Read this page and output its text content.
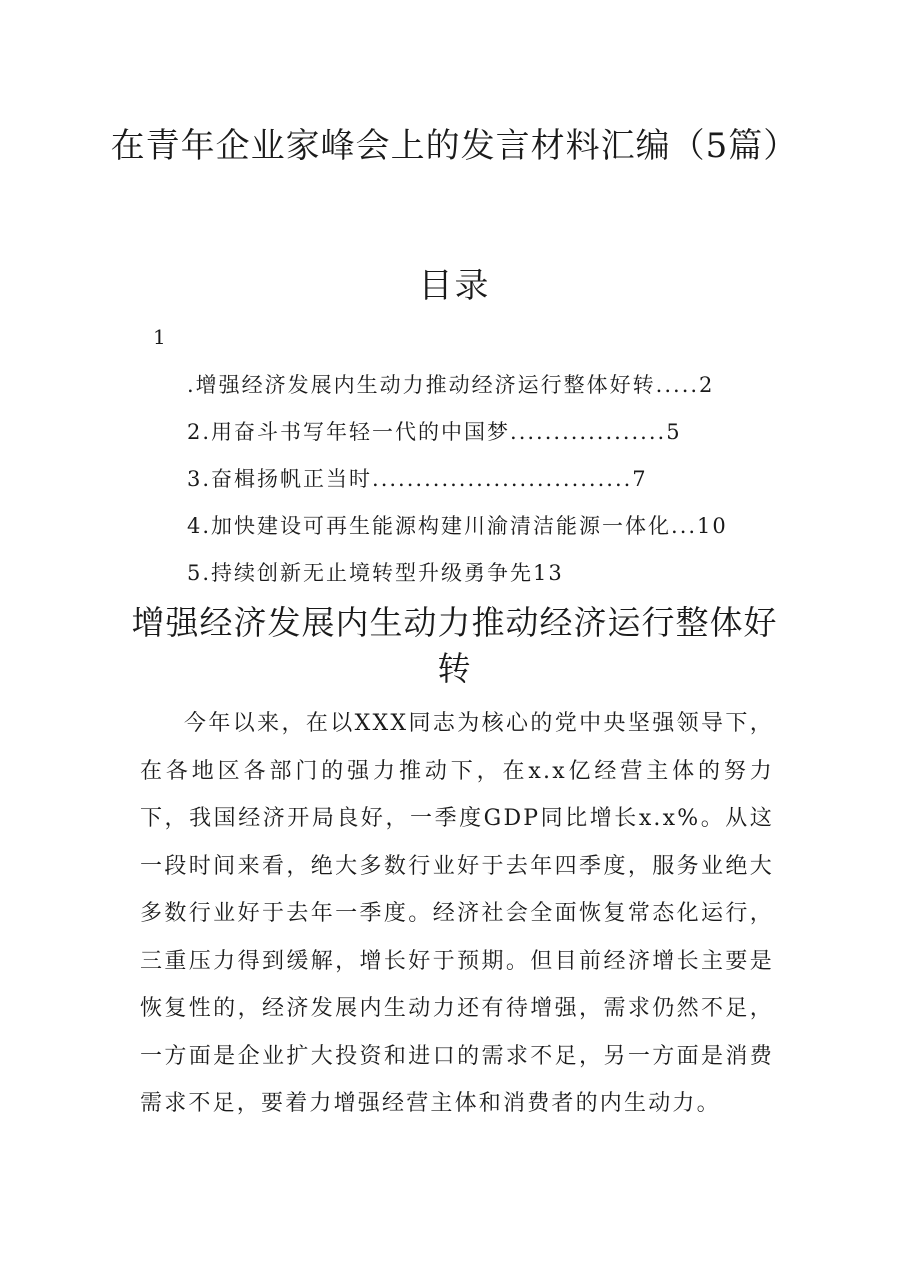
在青年企业家峰会上的发言材料汇编（5篇）
目录
1
.增强经济发展内生动力推动经济运行整体好转.....2
2.用奋斗书写年轻一代的中国梦..................5
3.奋楫扬帆正当时..............................7
4.加快建设可再生能源构建川渝清洁能源一体化...10
5.持续创新无止境转型升级勇争先13
增强经济发展内生动力推动经济运行整体好转

今年以来，在以XXX同志为核心的党中央坚强领导下，在各地区各部门的强力推动下，在x.x亿经营主体的努力下，我国经济开局良好，一季度GDP同比增长x.x%。从这一段时间来看，绝大多数行业好于去年四季度，服务业绝大多数行业好于去年一季度。经济社会全面恢复常态化运行，三重压力得到缓解，增长好于预期。但目前经济增长主要是恢复性的，经济发展内生动力还有待增强，需求仍然不足，一方面是企业扩大投资和进口的需求不足，另一方面是消费需求不足，要着力增强经营主体和消费者的内生动力。
